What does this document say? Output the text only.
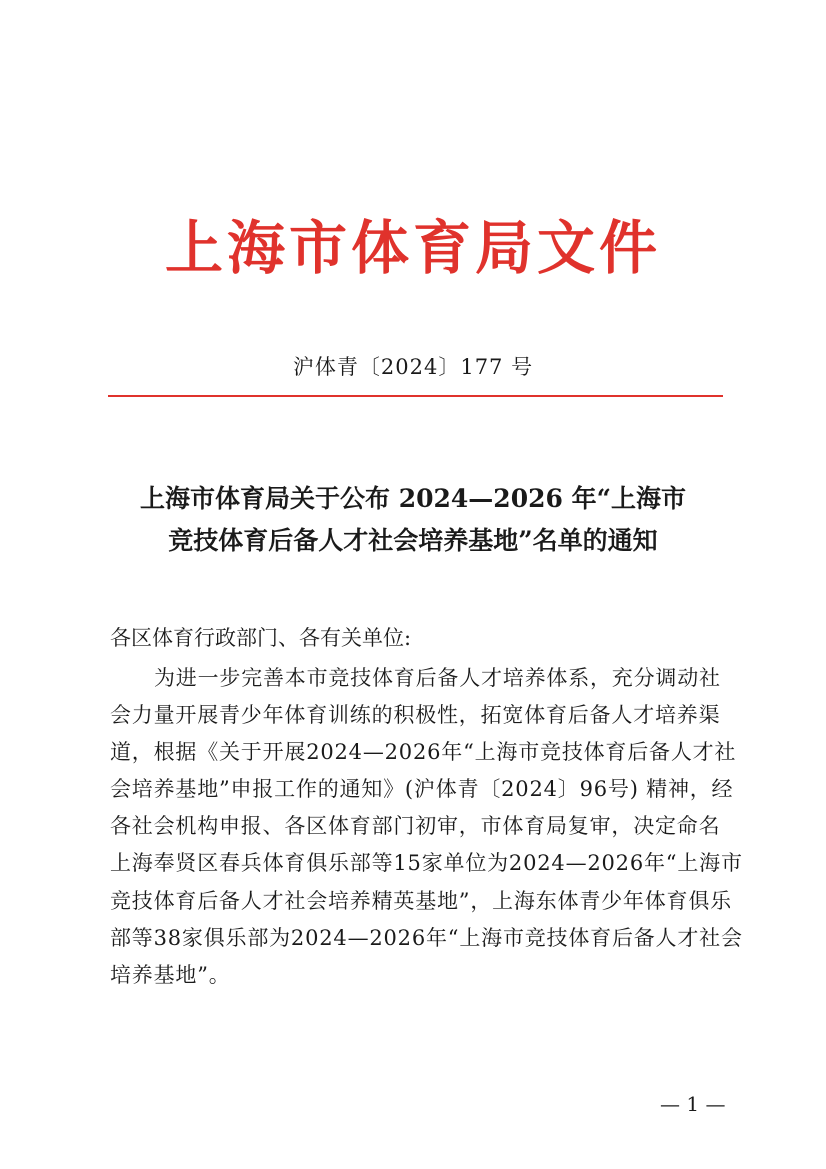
上海市体育局文件
沪体青〔2024〕177 号
上海市体育局关于公布 2024—2026 年“上海市
竞技体育后备人才社会培养基地”名单的通知
各区体育行政部门、各有关单位:
为进一步完善本市竞技体育后备人才培养体系，充分调动社
会力量开展青少年体育训练的积极性，拓宽体育后备人才培养渠
道，根据《关于开展2024—2026年“上海市竞技体育后备人才社
会培养基地”申报工作的通知》(沪体青〔2024〕96号) 精神，经
各社会机构申报、各区体育部门初审，市体育局复审，决定命名
上海奉贤区春兵体育俱乐部等15家单位为2024—2026年“上海市
竞技体育后备人才社会培养精英基地”，上海东体青少年体育俱乐
部等38家俱乐部为2024—2026年“上海市竞技体育后备人才社会
培养基地”。
— 1 —
